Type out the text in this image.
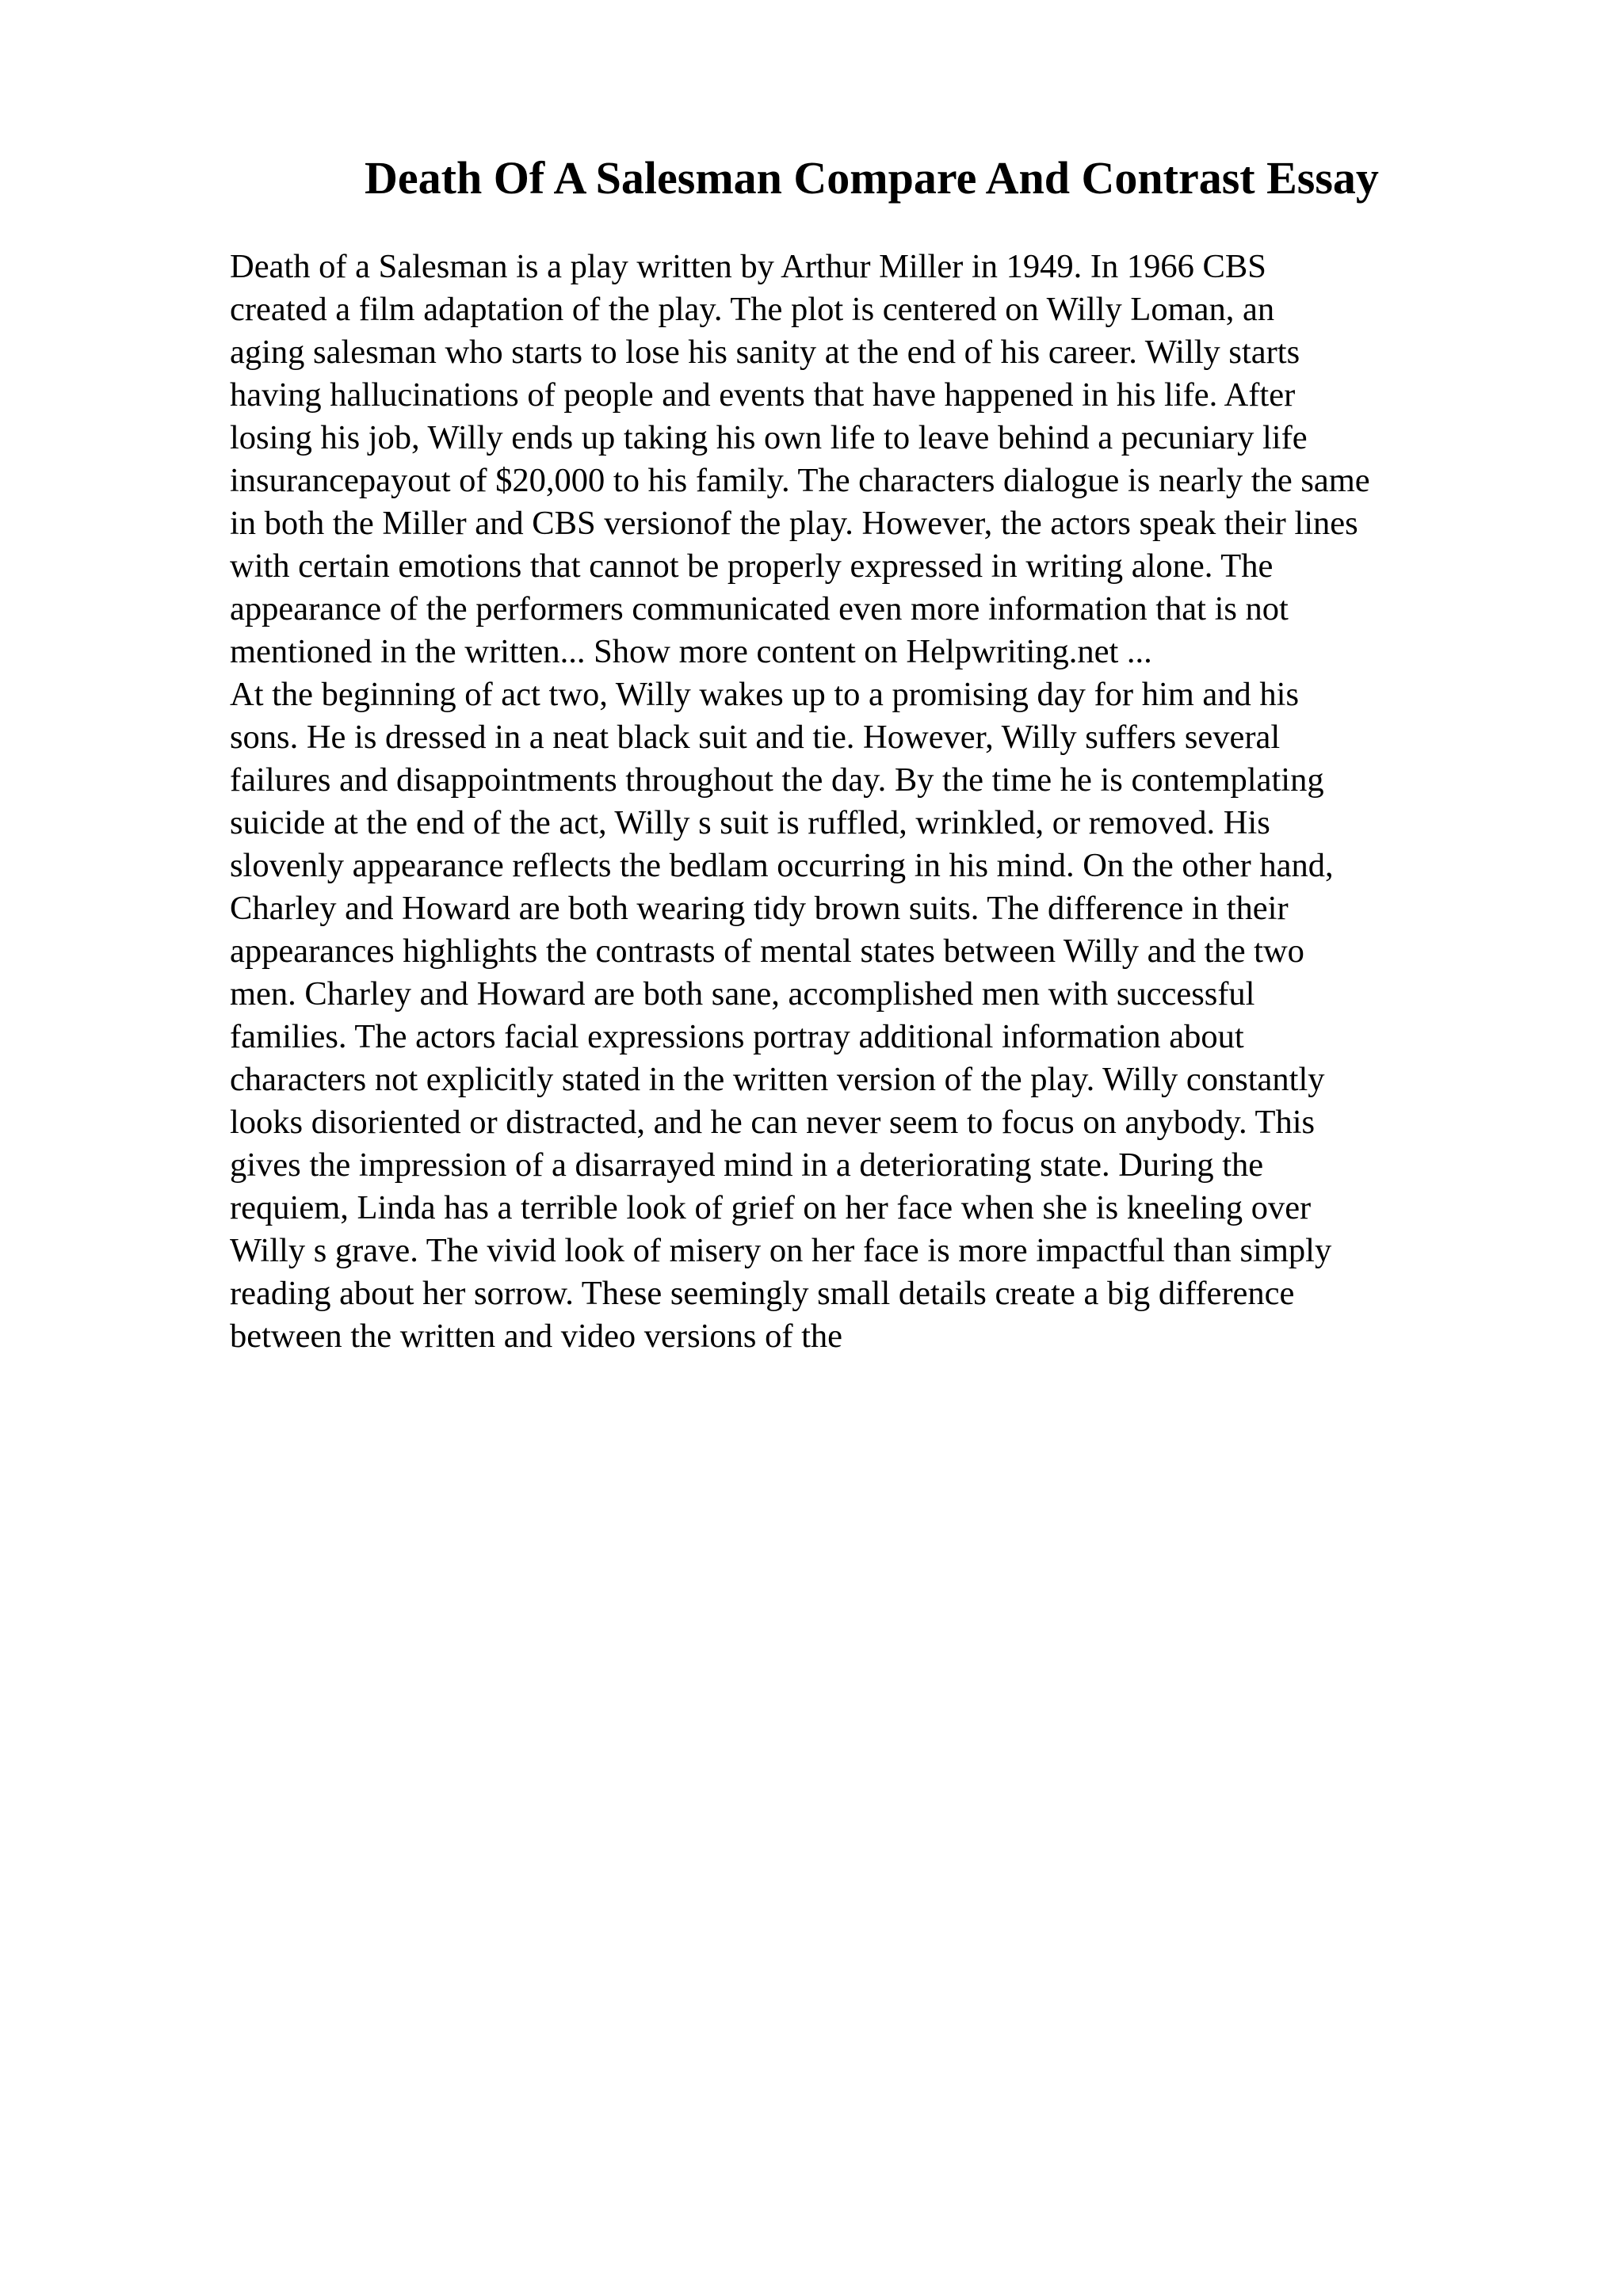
Death Of A Salesman Compare And Contrast Essay
Death of a Salesman is a play written by Arthur Miller in 1949. In 1966 CBS
created a film adaptation of the play. The plot is centered on Willy Loman, an
aging salesman who starts to lose his sanity at the end of his career. Willy starts
having hallucinations of people and events that have happened in his life. After
losing his job, Willy ends up taking his own life to leave behind a pecuniary life
insurancepayout of $20,000 to his family. The characters dialogue is nearly the same
in both the Miller and CBS versionof the play. However, the actors speak their lines
with certain emotions that cannot be properly expressed in writing alone. The
appearance of the performers communicated even more information that is not
mentioned in the written... Show more content on Helpwriting.net ...
At the beginning of act two, Willy wakes up to a promising day for him and his
sons. He is dressed in a neat black suit and tie. However, Willy suffers several
failures and disappointments throughout the day. By the time he is contemplating
suicide at the end of the act, Willy s suit is ruffled, wrinkled, or removed. His
slovenly appearance reflects the bedlam occurring in his mind. On the other hand,
Charley and Howard are both wearing tidy brown suits. The difference in their
appearances highlights the contrasts of mental states between Willy and the two
men. Charley and Howard are both sane, accomplished men with successful
families. The actors facial expressions portray additional information about
characters not explicitly stated in the written version of the play. Willy constantly
looks disoriented or distracted, and he can never seem to focus on anybody. This
gives the impression of a disarrayed mind in a deteriorating state. During the
requiem, Linda has a terrible look of grief on her face when she is kneeling over
Willy s grave. The vivid look of misery on her face is more impactful than simply
reading about her sorrow. These seemingly small details create a big difference
between the written and video versions of the
